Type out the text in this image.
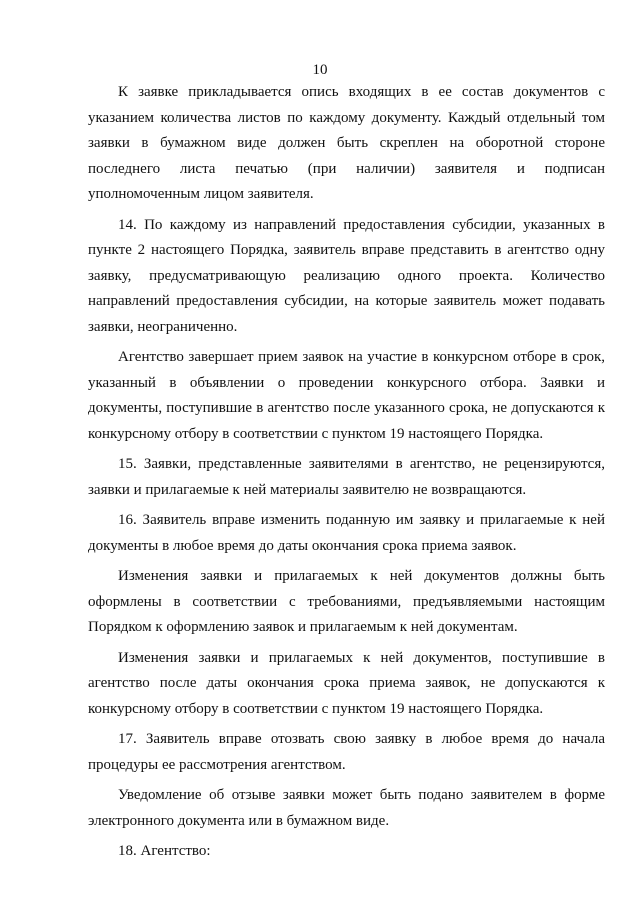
10

К заявке прикладывается опись входящих в ее состав документов с указанием количества листов по каждому документу. Каждый отдельный том заявки в бумажном виде должен быть скреплен на оборотной стороне последнего листа печатью (при наличии) заявителя и подписан уполномоченным лицом заявителя.

14. По каждому из направлений предоставления субсидии, указанных в пункте 2 настоящего Порядка, заявитель вправе представить в агентство одну заявку, предусматривающую реализацию одного проекта. Количество направлений предоставления субсидии, на которые заявитель может подавать заявки, неограниченно.

Агентство завершает прием заявок на участие в конкурсном отборе в срок, указанный в объявлении о проведении конкурсного отбора. Заявки и документы, поступившие в агентство после указанного срока, не допускаются к конкурсному отбору в соответствии с пунктом 19 настоящего Порядка.

15. Заявки, представленные заявителями в агентство, не рецензируются, заявки и прилагаемые к ней материалы заявителю не возвращаются.

16. Заявитель вправе изменить поданную им заявку и прилагаемые к ней документы в любое время до даты окончания срока приема заявок.

Изменения заявки и прилагаемых к ней документов должны быть оформлены в соответствии с требованиями, предъявляемыми настоящим Порядком к оформлению заявок и прилагаемым к ней документам.

Изменения заявки и прилагаемых к ней документов, поступившие в агентство после даты окончания срока приема заявок, не допускаются к конкурсному отбору в соответствии с пунктом 19 настоящего Порядка.

17. Заявитель вправе отозвать свою заявку в любое время до начала процедуры ее рассмотрения агентством.

Уведомление об отзыве заявки может быть подано заявителем в форме электронного документа или в бумажном виде.

18. Агентство:
